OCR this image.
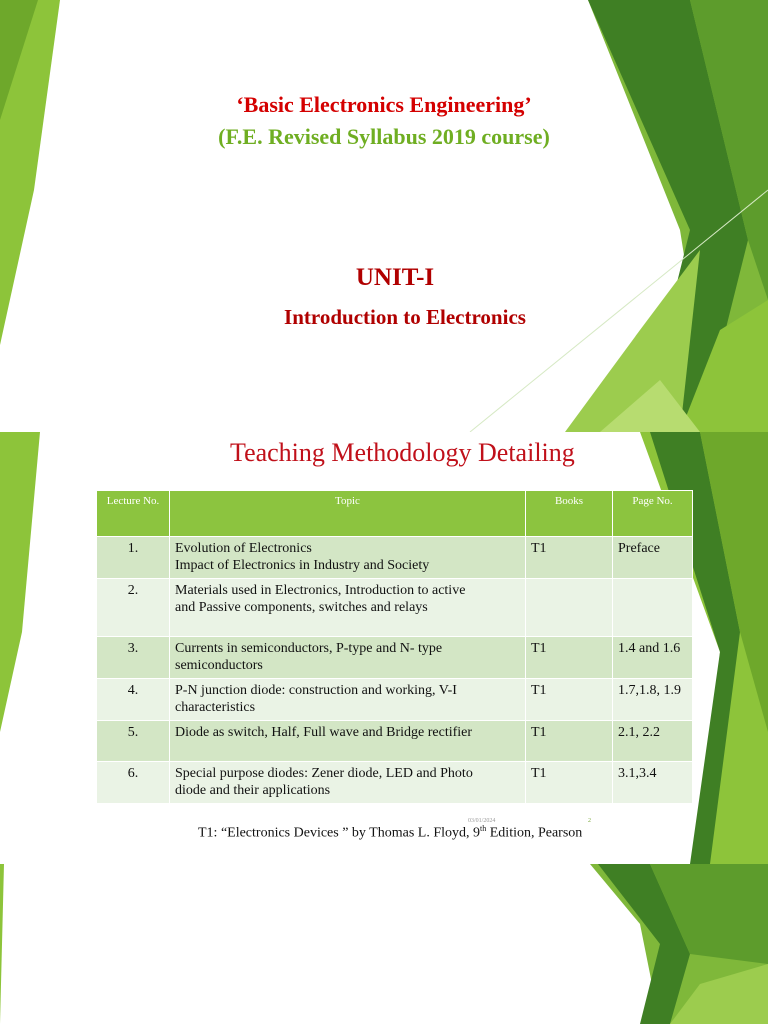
‘Basic Electronics Engineering’
(F.E. Revised Syllabus 2019 course)
UNIT-I
Introduction to Electronics
Teaching Methodology Detailing
Lecture No.	Topic	Books	Page No.
1.	Evolution of Electronics
Impact of Electronics in Industry and Society	T1	Preface
2.	Materials used in Electronics, Introduction to active
and Passive components, switches and relays		

3.	Currents in semiconductors, P-type and N- type
semiconductors	T1	1.4 and 1.6
4.	P-N junction diode: construction and working, V-I
characteristics	T1	1.7,1.8, 1.9
5.	Diode as switch, Half, Full wave and Bridge rectifier	T1	2.1, 2.2
6.	Special purpose diodes: Zener diode, LED and Photo
diode and their applications	T1	3.1,3.4
03/01/2024	2
T1: “Electronics Devices ” by Thomas L. Floyd, 9th Edition, Pearson
